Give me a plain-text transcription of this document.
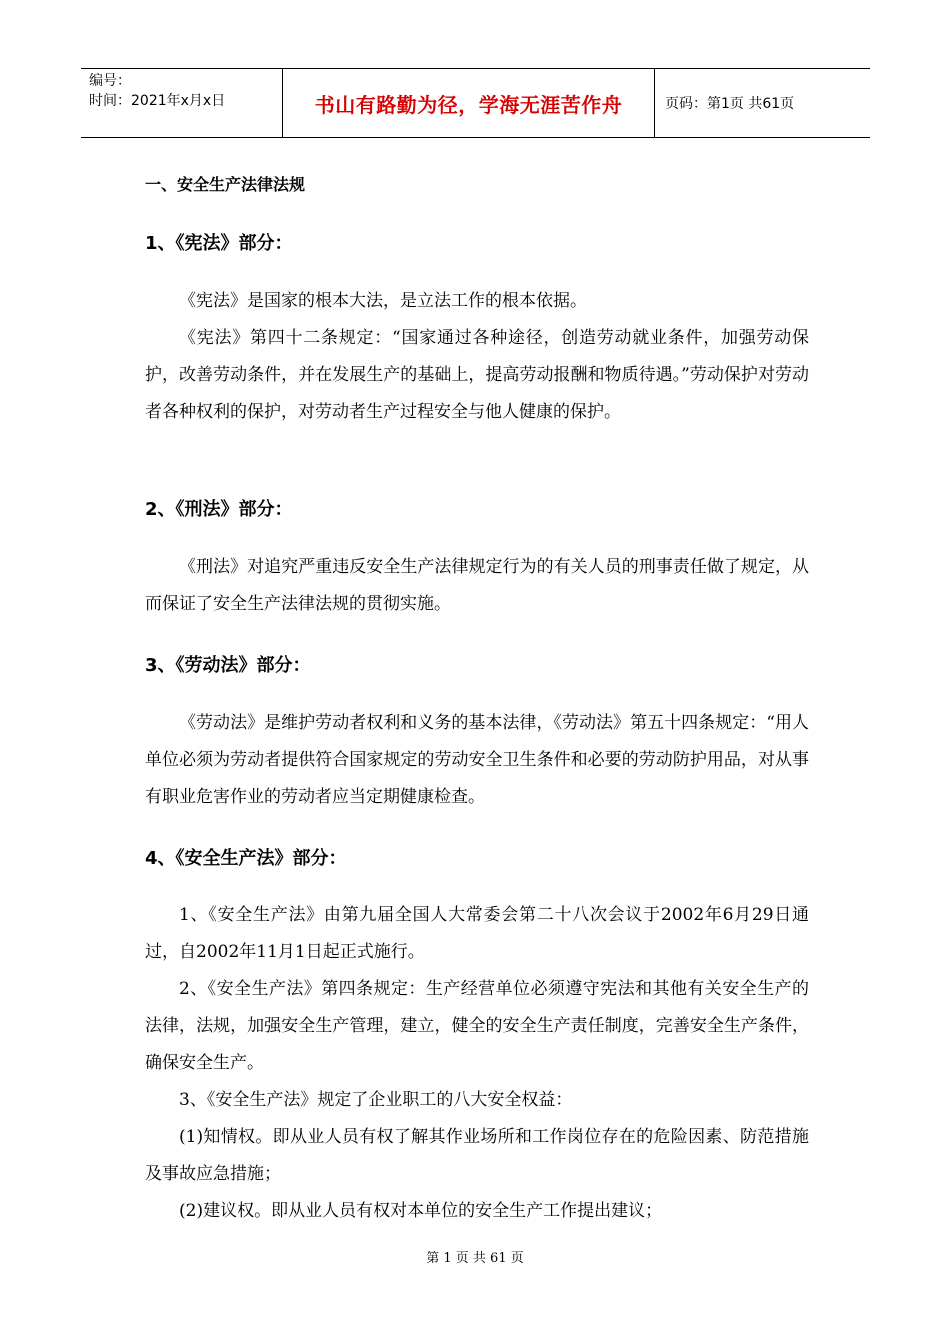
编号：
时间：2021年x月x日	书山有路勤为径，学海无涯苦作舟	页码：第1页 共61页
一、安全生产法律法规
1、《宪法》部分：

《宪法》是国家的根本大法，是立法工作的根本依据。

《宪法》第四十二条规定：“国家通过各种途径，创造劳动就业条件，加强劳动保护，改善劳动条件，并在发展生产的基础上，提高劳动报酬和物质待遇。”劳动保护对劳动者各种权利的保护，对劳动者生产过程安全与他人健康的保护。

2、《刑法》部分：

《刑法》对追究严重违反安全生产法律规定行为的有关人员的刑事责任做了规定，从而保证了安全生产法律法规的贯彻实施。

3、《劳动法》部分：

《劳动法》是维护劳动者权利和义务的基本法律，《劳动法》第五十四条规定：“用人单位必须为劳动者提供符合国家规定的劳动安全卫生条件和必要的劳动防护用品，对从事有职业危害作业的劳动者应当定期健康检查。

4、《安全生产法》部分：

1、《安全生产法》由第九届全国人大常委会第二十八次会议于2002年6月29日通过，自2002年11月1日起正式施行。

2、《安全生产法》第四条规定：生产经营单位必须遵守宪法和其他有关安全生产的法律，法规，加强安全生产管理，建立，健全的安全生产责任制度，完善安全生产条件，确保安全生产。

3、《安全生产法》规定了企业职工的八大安全权益：

(1)知情权。即从业人员有权了解其作业场所和工作岗位存在的危险因素、防范措施及事故应急措施；

(2)建议权。即从业人员有权对本单位的安全生产工作提出建议；

第 1 页 共 61 页
